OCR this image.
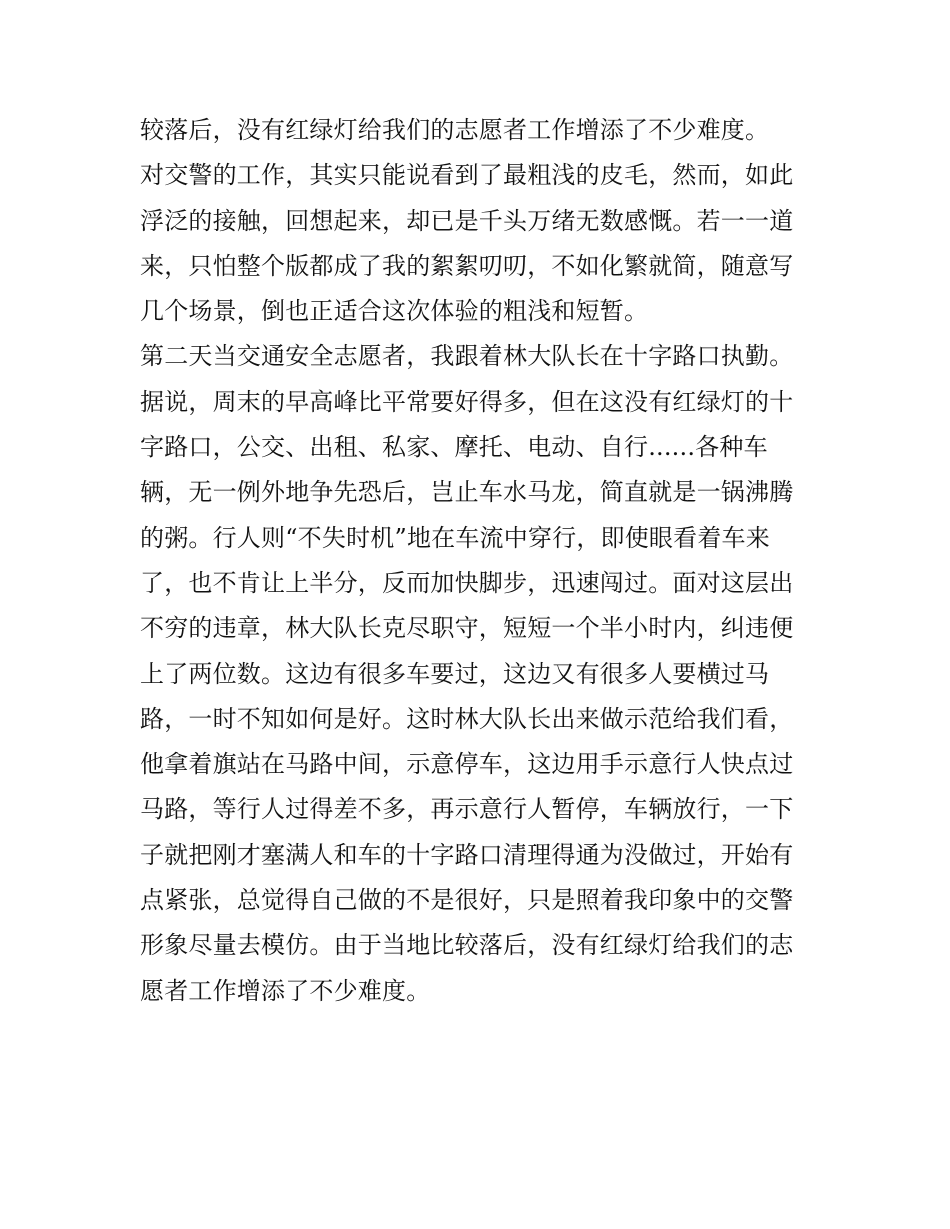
较落后，没有红绿灯给我们的志愿者工作增添了不少难度。
对交警的工作，其实只能说看到了最粗浅的皮毛，然而，如此
浮泛的接触，回想起来，却已是千头万绪无数感慨。若一一道
来，只怕整个版都成了我的絮絮叨叨，不如化繁就简，随意写
几个场景，倒也正适合这次体验的粗浅和短暂。
第二天当交通安全志愿者，我跟着林大队长在十字路口执勤。
据说，周末的早高峰比平常要好得多，但在这没有红绿灯的十
字路口，公交、出租、私家、摩托、电动、自行......各种车
辆，无一例外地争先恐后，岂止车水马龙，简直就是一锅沸腾
的粥。行人则“不失时机”地在车流中穿行，即使眼看着车来
了，也不肯让上半分，反而加快脚步，迅速闯过。面对这层出
不穷的违章，林大队长克尽职守，短短一个半小时内，纠违便
上了两位数。这边有很多车要过，这边又有很多人要横过马
路，一时不知如何是好。这时林大队长出来做示范给我们看，
他拿着旗站在马路中间，示意停车，这边用手示意行人快点过
马路，等行人过得差不多，再示意行人暂停，车辆放行，一下
子就把刚才塞满人和车的十字路口清理得通为没做过，开始有
点紧张，总觉得自己做的不是很好，只是照着我印象中的交警
形象尽量去模仿。由于当地比较落后，没有红绿灯给我们的志
愿者工作增添了不少难度。
